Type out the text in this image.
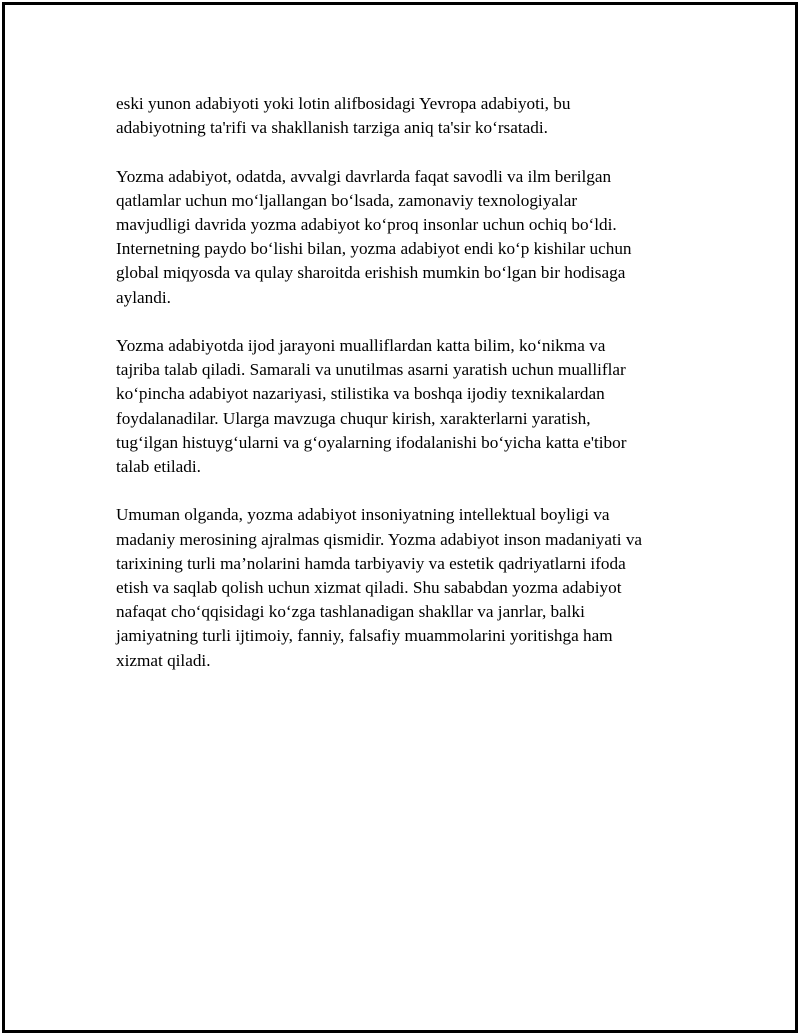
eski yunon adabiyoti yoki lotin alifbosidagi Yevropa adabiyoti, bu
adabiyotning ta'rifi va shakllanish tarziga aniq ta'sir ko‘rsatadi.

Yozma adabiyot, odatda, avvalgi davrlarda faqat savodli va ilm berilgan
qatlamlar uchun mo‘ljallangan bo‘lsada, zamonaviy texnologiyalar
mavjudligi davrida yozma adabiyot ko‘proq insonlar uchun ochiq bo‘ldi.
Internetning paydo bo‘lishi bilan, yozma adabiyot endi ko‘p kishilar uchun
global miqyosda va qulay sharoitda erishish mumkin bo‘lgan bir hodisaga
aylandi.

Yozma adabiyotda ijod jarayoni mualliflardan katta bilim, ko‘nikma va
tajriba talab qiladi. Samarali va unutilmas asarni yaratish uchun mualliflar
ko‘pincha adabiyot nazariyasi, stilistika va boshqa ijodiy texnikalardan
foydalanadilar. Ularga mavzuga chuqur kirish, xarakterlarni yaratish,
tug‘ilgan histuyg‘ularni va g‘oyalarning ifodalanishi bo‘yicha katta e'tibor
talab etiladi.

Umuman olganda, yozma adabiyot insoniyatning intellektual boyligi va
madaniy merosining ajralmas qismidir. Yozma adabiyot inson madaniyati va
tarixining turli ma’nolarini hamda tarbiyaviy va estetik qadriyatlarni ifoda
etish va saqlab qolish uchun xizmat qiladi. Shu sababdan yozma adabiyot
nafaqat cho‘qqisidagi ko‘zga tashlanadigan shakllar va janrlar, balki
jamiyatning turli ijtimoiy, fanniy, falsafiy muammolarini yoritishga ham
xizmat qiladi.
